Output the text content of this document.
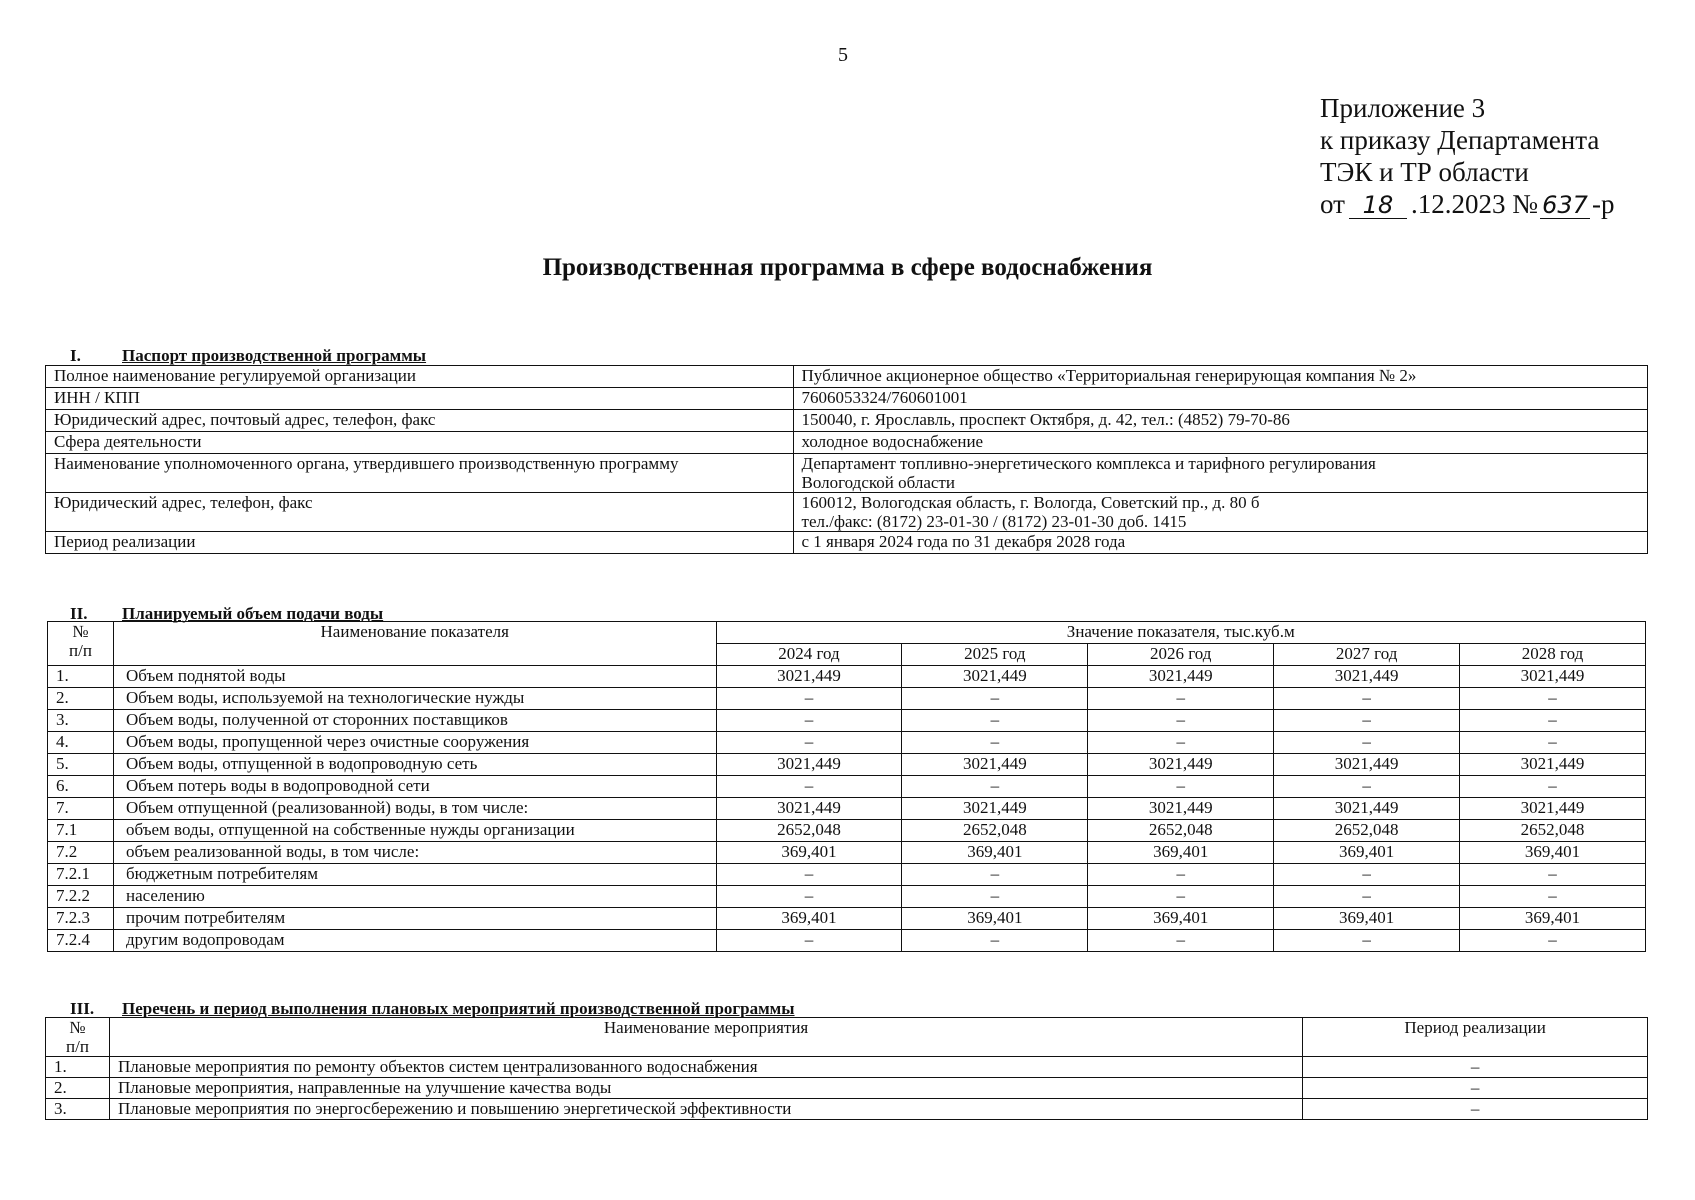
5
Приложение 3
к приказу Департамента
ТЭК и ТР области
от 18 .12.2023 № 637 -р
Производственная программа в сфере водоснабжения
I. Паспорт производственной программы
Полное наименование регулируемой организации	Публичное акционерное общество «Территориальная генерирующая компания № 2»

ИНН / КПП	7606053324/760601001

Юридический адрес, почтовый адрес, телефон, факс	150040, г. Ярославль, проспект Октября, д. 42, тел.: (4852) 79-70-86

Сфера деятельности	холодное водоснабжение

Наименование уполномоченного органа, утвердившего производственную программу	Департамент топливно-энергетического комплекса и тарифного регулирования
Вологодской области

Юридический адрес, телефон, факс	160012, Вологодская область, г. Вологда, Советский пр., д. 80 б
тел./факс: (8172) 23-01-30 / (8172) 23-01-30 доб. 1415

Период реализации	с 1 января 2024 года по 31 декабря 2028 года
II. Планируемый объем подачи воды
№
п/п	Наименование показателя	Значение показателя, тыс.куб.м				
		2024 год	2025 год	2026 год	2027 год	2028 год
1.	Объем поднятой воды	3021,449	3021,449	3021,449	3021,449	3021,449
2.	Объем воды, используемой на технологические нужды	–	–	–	–	–
3.	Объем воды, полученной от сторонних поставщиков	–	–	–	–	–
4.	Объем воды, пропущенной через очистные сооружения	–	–	–	–	–
5.	Объем воды, отпущенной в водопроводную сеть	3021,449	3021,449	3021,449	3021,449	3021,449
6.	Объем потерь воды в водопроводной сети	–	–	–	–	–
7.	Объем отпущенной (реализованной) воды, в том числе:	3021,449	3021,449	3021,449	3021,449	3021,449
7.1	объем воды, отпущенной на собственные нужды организации	2652,048	2652,048	2652,048	2652,048	2652,048
7.2	объем реализованной воды, в том числе:	369,401	369,401	369,401	369,401	369,401
7.2.1	бюджетным потребителям	–	–	–	–	–
7.2.2	населению	–	–	–	–	–
7.2.3	прочим потребителям	369,401	369,401	369,401	369,401	369,401
7.2.4	другим водопроводам	–	–	–	–	–
III. Перечень и период выполнения плановых мероприятий производственной программы
№
п/п	Наименование мероприятия	Период реализации
1.	Плановые мероприятия по ремонту объектов систем централизованного водоснабжения	–
2.	Плановые мероприятия, направленные на улучшение качества воды	–
3.	Плановые мероприятия по энергосбережению и повышению энергетической эффективности	–
